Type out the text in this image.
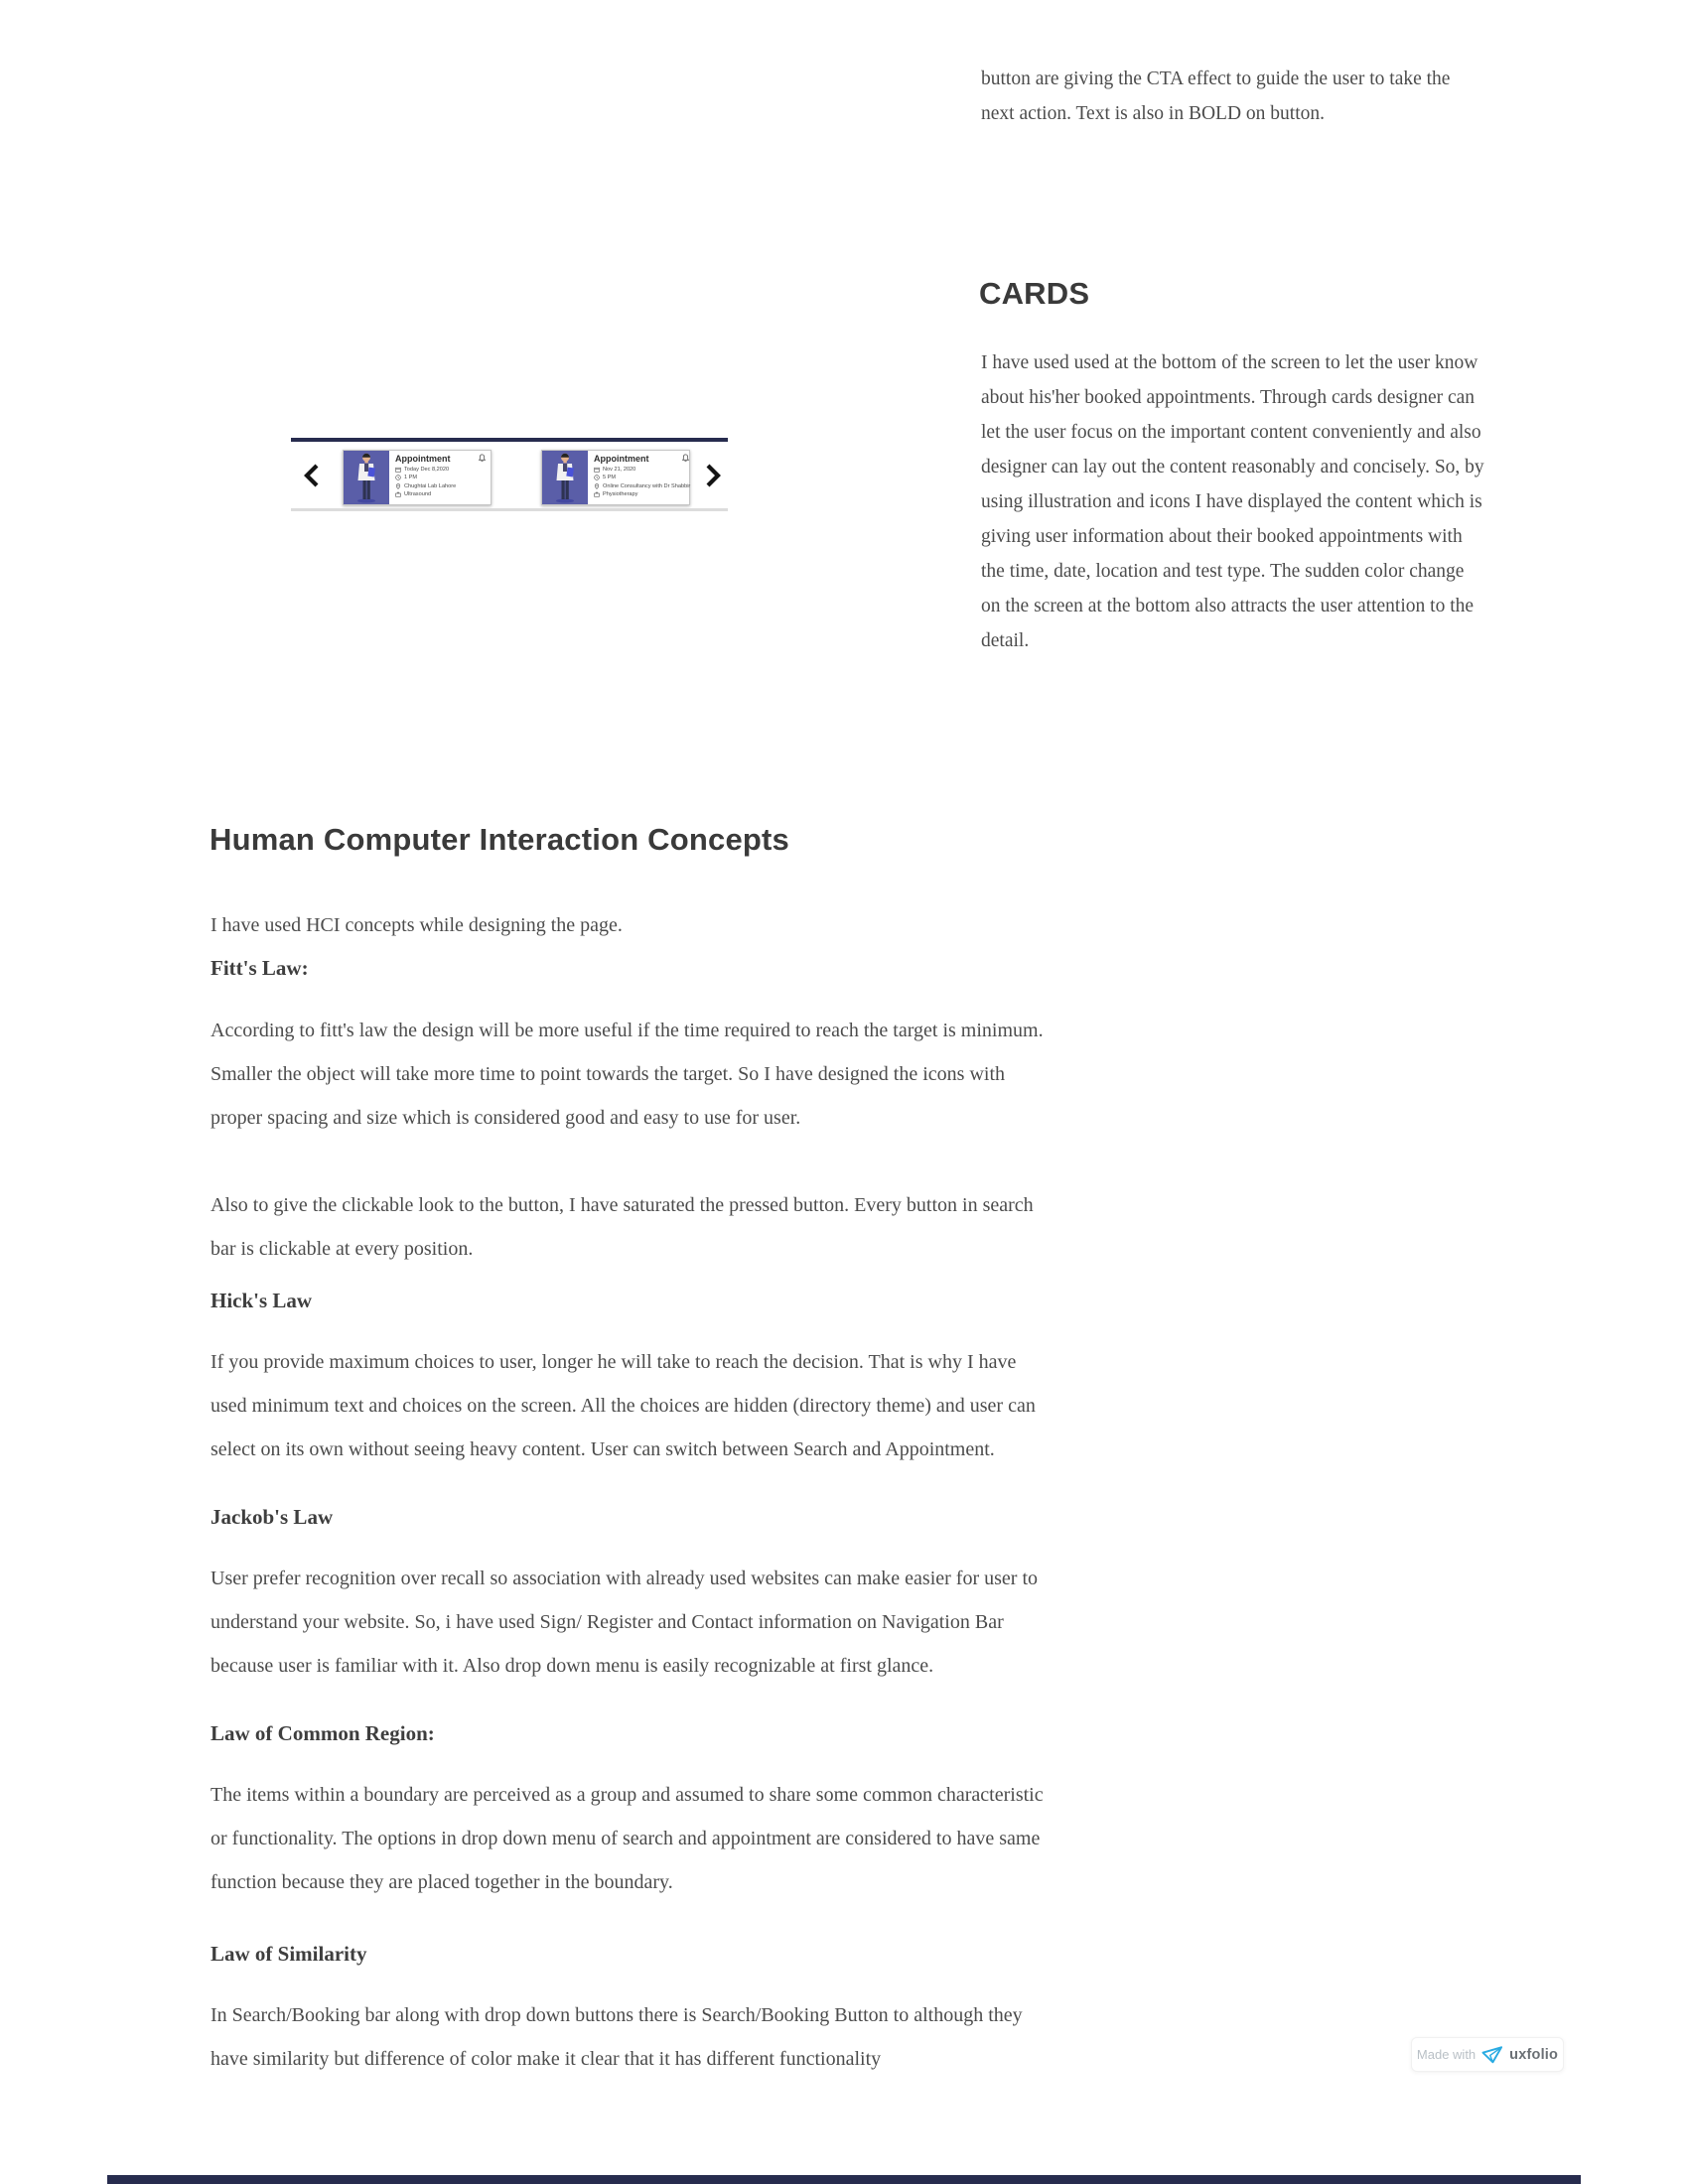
button are giving the CTA effect to guide the user to take the next action. Text is also in BOLD on button.
CARDS
I have used used at the bottom of the screen to let the user know about his'her booked appointments. Through cards designer can let the user focus on the important content conveniently and also designer can lay out the content reasonably and concisely. So, by using illustration and icons I have displayed the content which is giving user information about their booked appointments with the time, date, location and test type. The sudden color change on the screen at the bottom also attracts the user attention to the detail.
Appointment
Today Dec 8,2020
1 PM
Chughtai Lab Lahore
Ultrasound
Appointment
Nov 21, 2020
5 PM
Online Consultancy with Dr Shabbir
Physiotherapy
Human Computer Interaction Concepts
I have used HCI concepts while designing the page.
Fitt's Law:
According to fitt's law the design will be more useful if the time required to reach the target is minimum. Smaller the object will take more time to point towards the target. So I have designed the icons with proper spacing and size which is considered good and easy to use for user.
Also to give the clickable look to the button, I have saturated the pressed button. Every button in search bar is clickable at every position.
Hick's Law
If you provide maximum choices to user, longer he will take to reach the decision. That is why I have used minimum text and choices on the screen. All the choices are hidden (directory theme) and user can select on its own without seeing heavy content. User can switch between Search and Appointment.
Jackob's Law
User prefer recognition over recall so association with already used websites can make easier for user to understand your website. So, i have used Sign/ Register and Contact information on Navigation Bar because user is familiar with it. Also drop down menu is easily recognizable at first glance.
Law of Common Region:
The items within a boundary are perceived as a group and assumed to share some common characteristic or functionality. The options in drop down menu of search and appointment are considered to have same function because they are placed together in the boundary.
Law of Similarity
In Search/Booking bar along with drop down buttons there is Search/Booking Button to although they have similarity but difference of color make it clear that it has different functionality	Made with uxfolio
